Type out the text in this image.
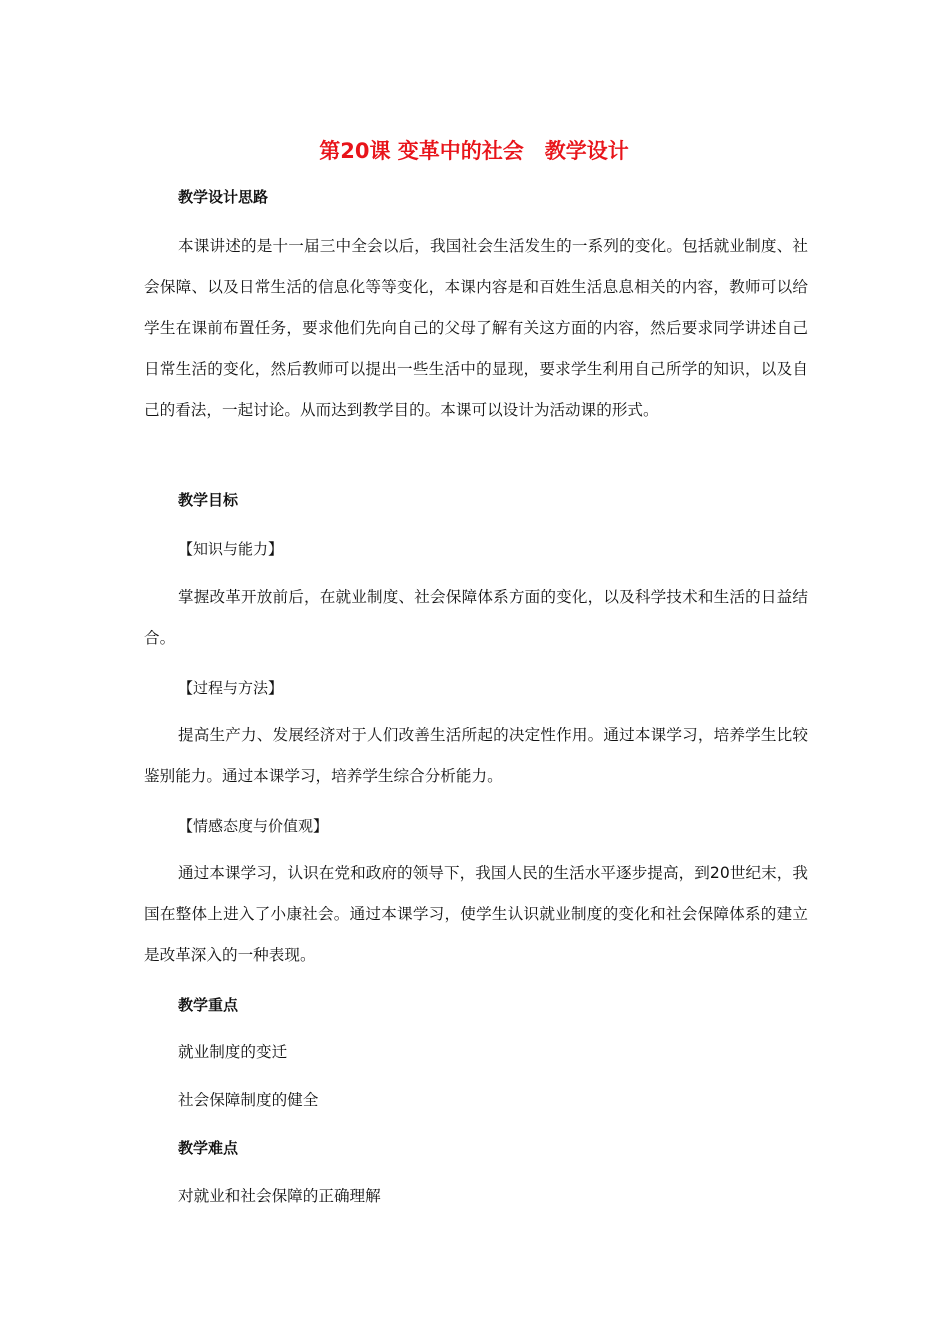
第20课 变革中的社会　教学设计
教学设计思路
本课讲述的是十一届三中全会以后，我国社会生活发生的一系列的变化。包括就业制度、社会保障、以及日常生活的信息化等等变化，本课内容是和百姓生活息息相关的内容，教师可以给学生在课前布置任务，要求他们先向自己的父母了解有关这方面的内容，然后要求同学讲述自己日常生活的变化，然后教师可以提出一些生活中的显现，要求学生利用自己所学的知识，以及自己的看法，一起讨论。从而达到教学目的。本课可以设计为活动课的形式。
教学目标
【知识与能力】
掌握改革开放前后，在就业制度、社会保障体系方面的变化，以及科学技术和生活的日益结合。
【过程与方法】
提高生产力、发展经济对于人们改善生活所起的决定性作用。通过本课学习，培养学生比较鉴别能力。通过本课学习，培养学生综合分析能力。
【情感态度与价值观】
通过本课学习，认识在党和政府的领导下，我国人民的生活水平逐步提高，到20世纪末，我国在整体上进入了小康社会。通过本课学习，使学生认识就业制度的变化和社会保障体系的建立是改革深入的一种表现。
教学重点
就业制度的变迁
社会保障制度的健全
教学难点
对就业和社会保障的正确理解
